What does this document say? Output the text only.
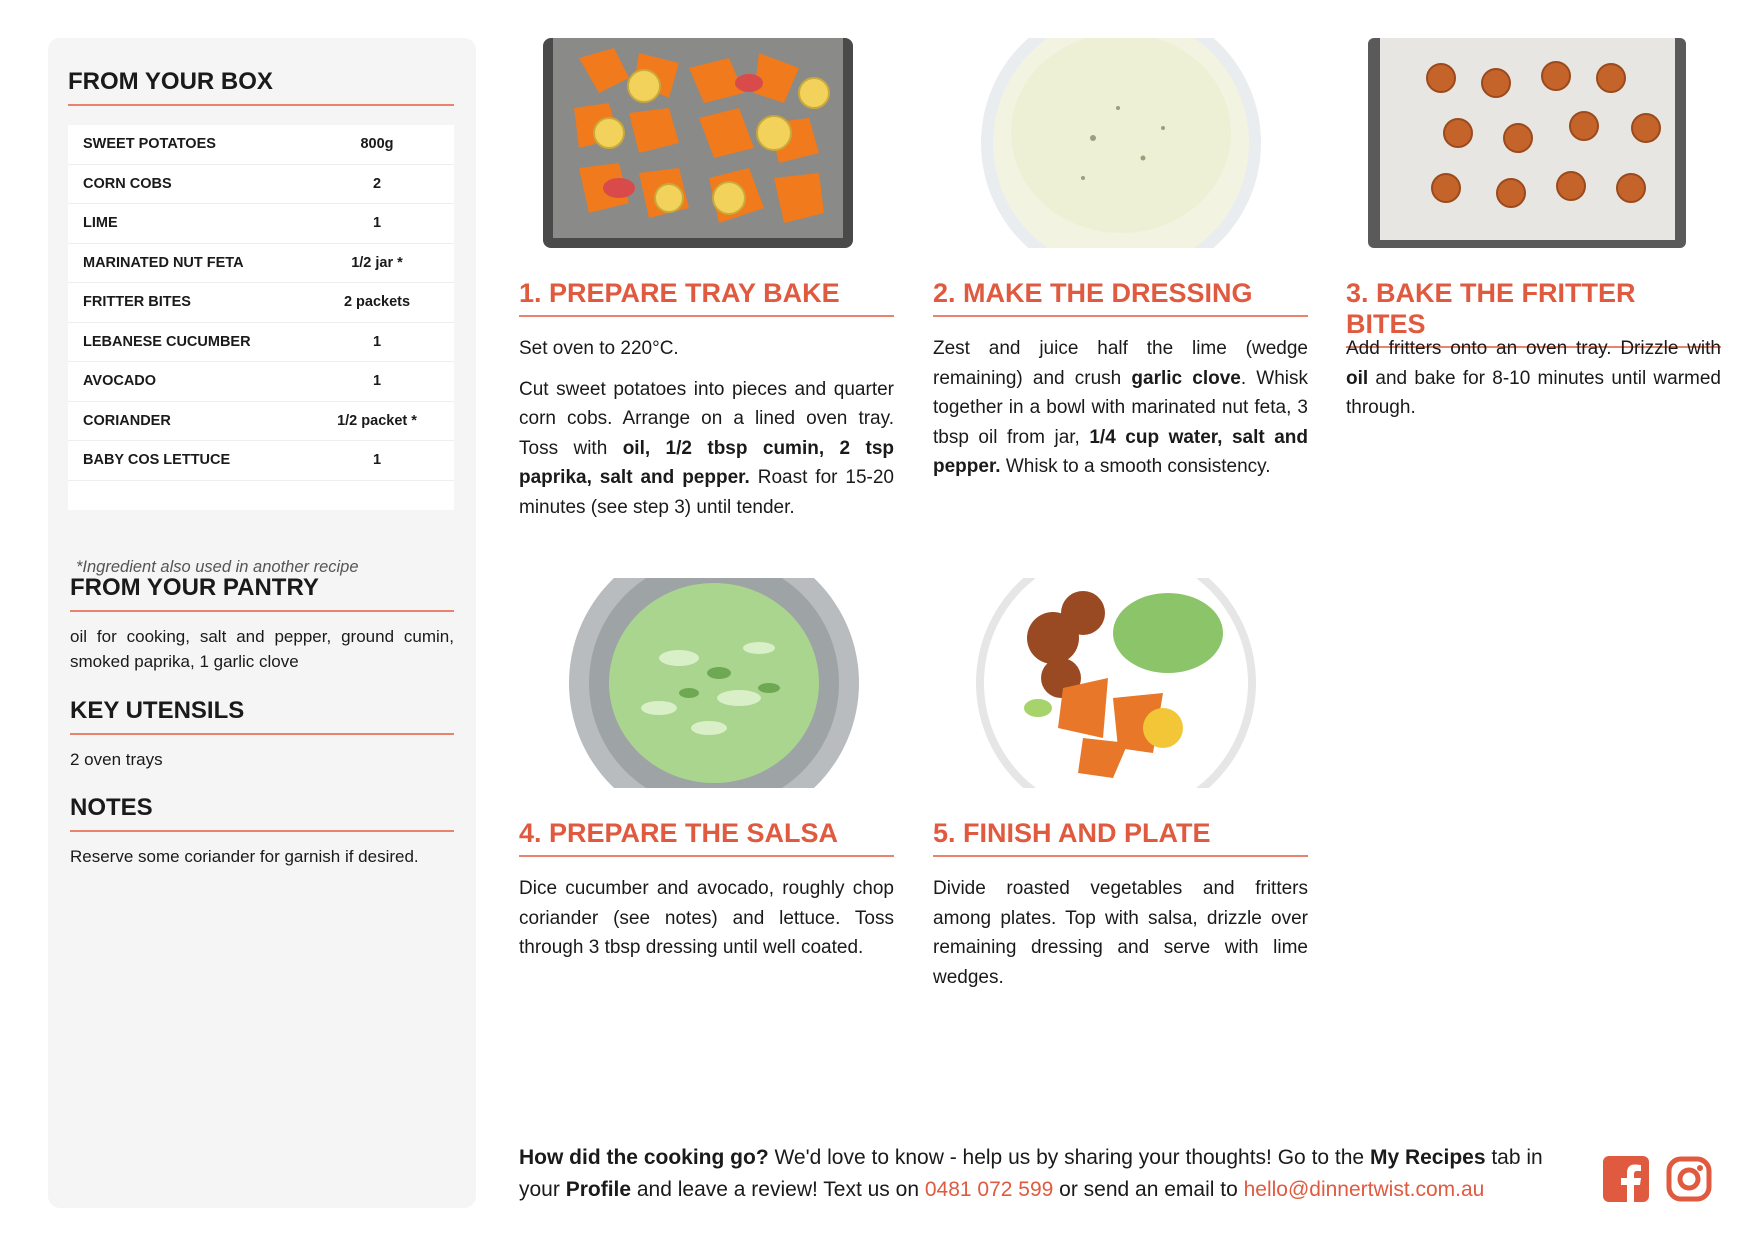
FROM YOUR BOX
SWEET POTATOES	800g
CORN COBS	2
LIME	1
MARINATED NUT FETA	1/2 jar *
FRITTER BITES	2 packets
LEBANESE CUCUMBER	1
AVOCADO	1
CORIANDER	1/2 packet *
BABY COS LETTUCE	1
*Ingredient also used in another recipe
FROM YOUR PANTRY

oil for cooking, salt and pepper, ground cumin, smoked paprika, 1 garlic clove

KEY UTENSILS

2 oven trays

NOTES

Reserve some coriander for garnish if desired.

1. PREPARE TRAY BAKE

Set oven to 220°C.

Cut sweet potatoes into pieces and quarter corn cobs. Arrange on a lined oven tray. Toss with oil, 1/2 tbsp cumin, 2 tsp paprika, salt and pepper. Roast for 15-20 minutes (see step 3) until tender.

2. MAKE THE DRESSING

Zest and juice half the lime (wedge remaining) and crush garlic clove. Whisk together in a bowl with marinated nut feta, 3 tbsp oil from jar, 1/4 cup water, salt and pepper. Whisk to a smooth consistency.

3. BAKE THE FRITTER BITES

Add fritters onto an oven tray. Drizzle with oil and bake for 8-10 minutes until warmed through.

4. PREPARE THE SALSA

Dice cucumber and avocado, roughly chop coriander (see notes) and lettuce. Toss through 3 tbsp dressing until well coated.

5. FINISH AND PLATE

Divide roasted vegetables and fritters among plates. Top with salsa, drizzle over remaining dressing and serve with lime wedges.

How did the cooking go? We'd love to know - help us by sharing your thoughts! Go to the My Recipes tab in your Profile and leave a review! Text us on 0481 072 599 or send an email to hello@dinnertwist.com.au
